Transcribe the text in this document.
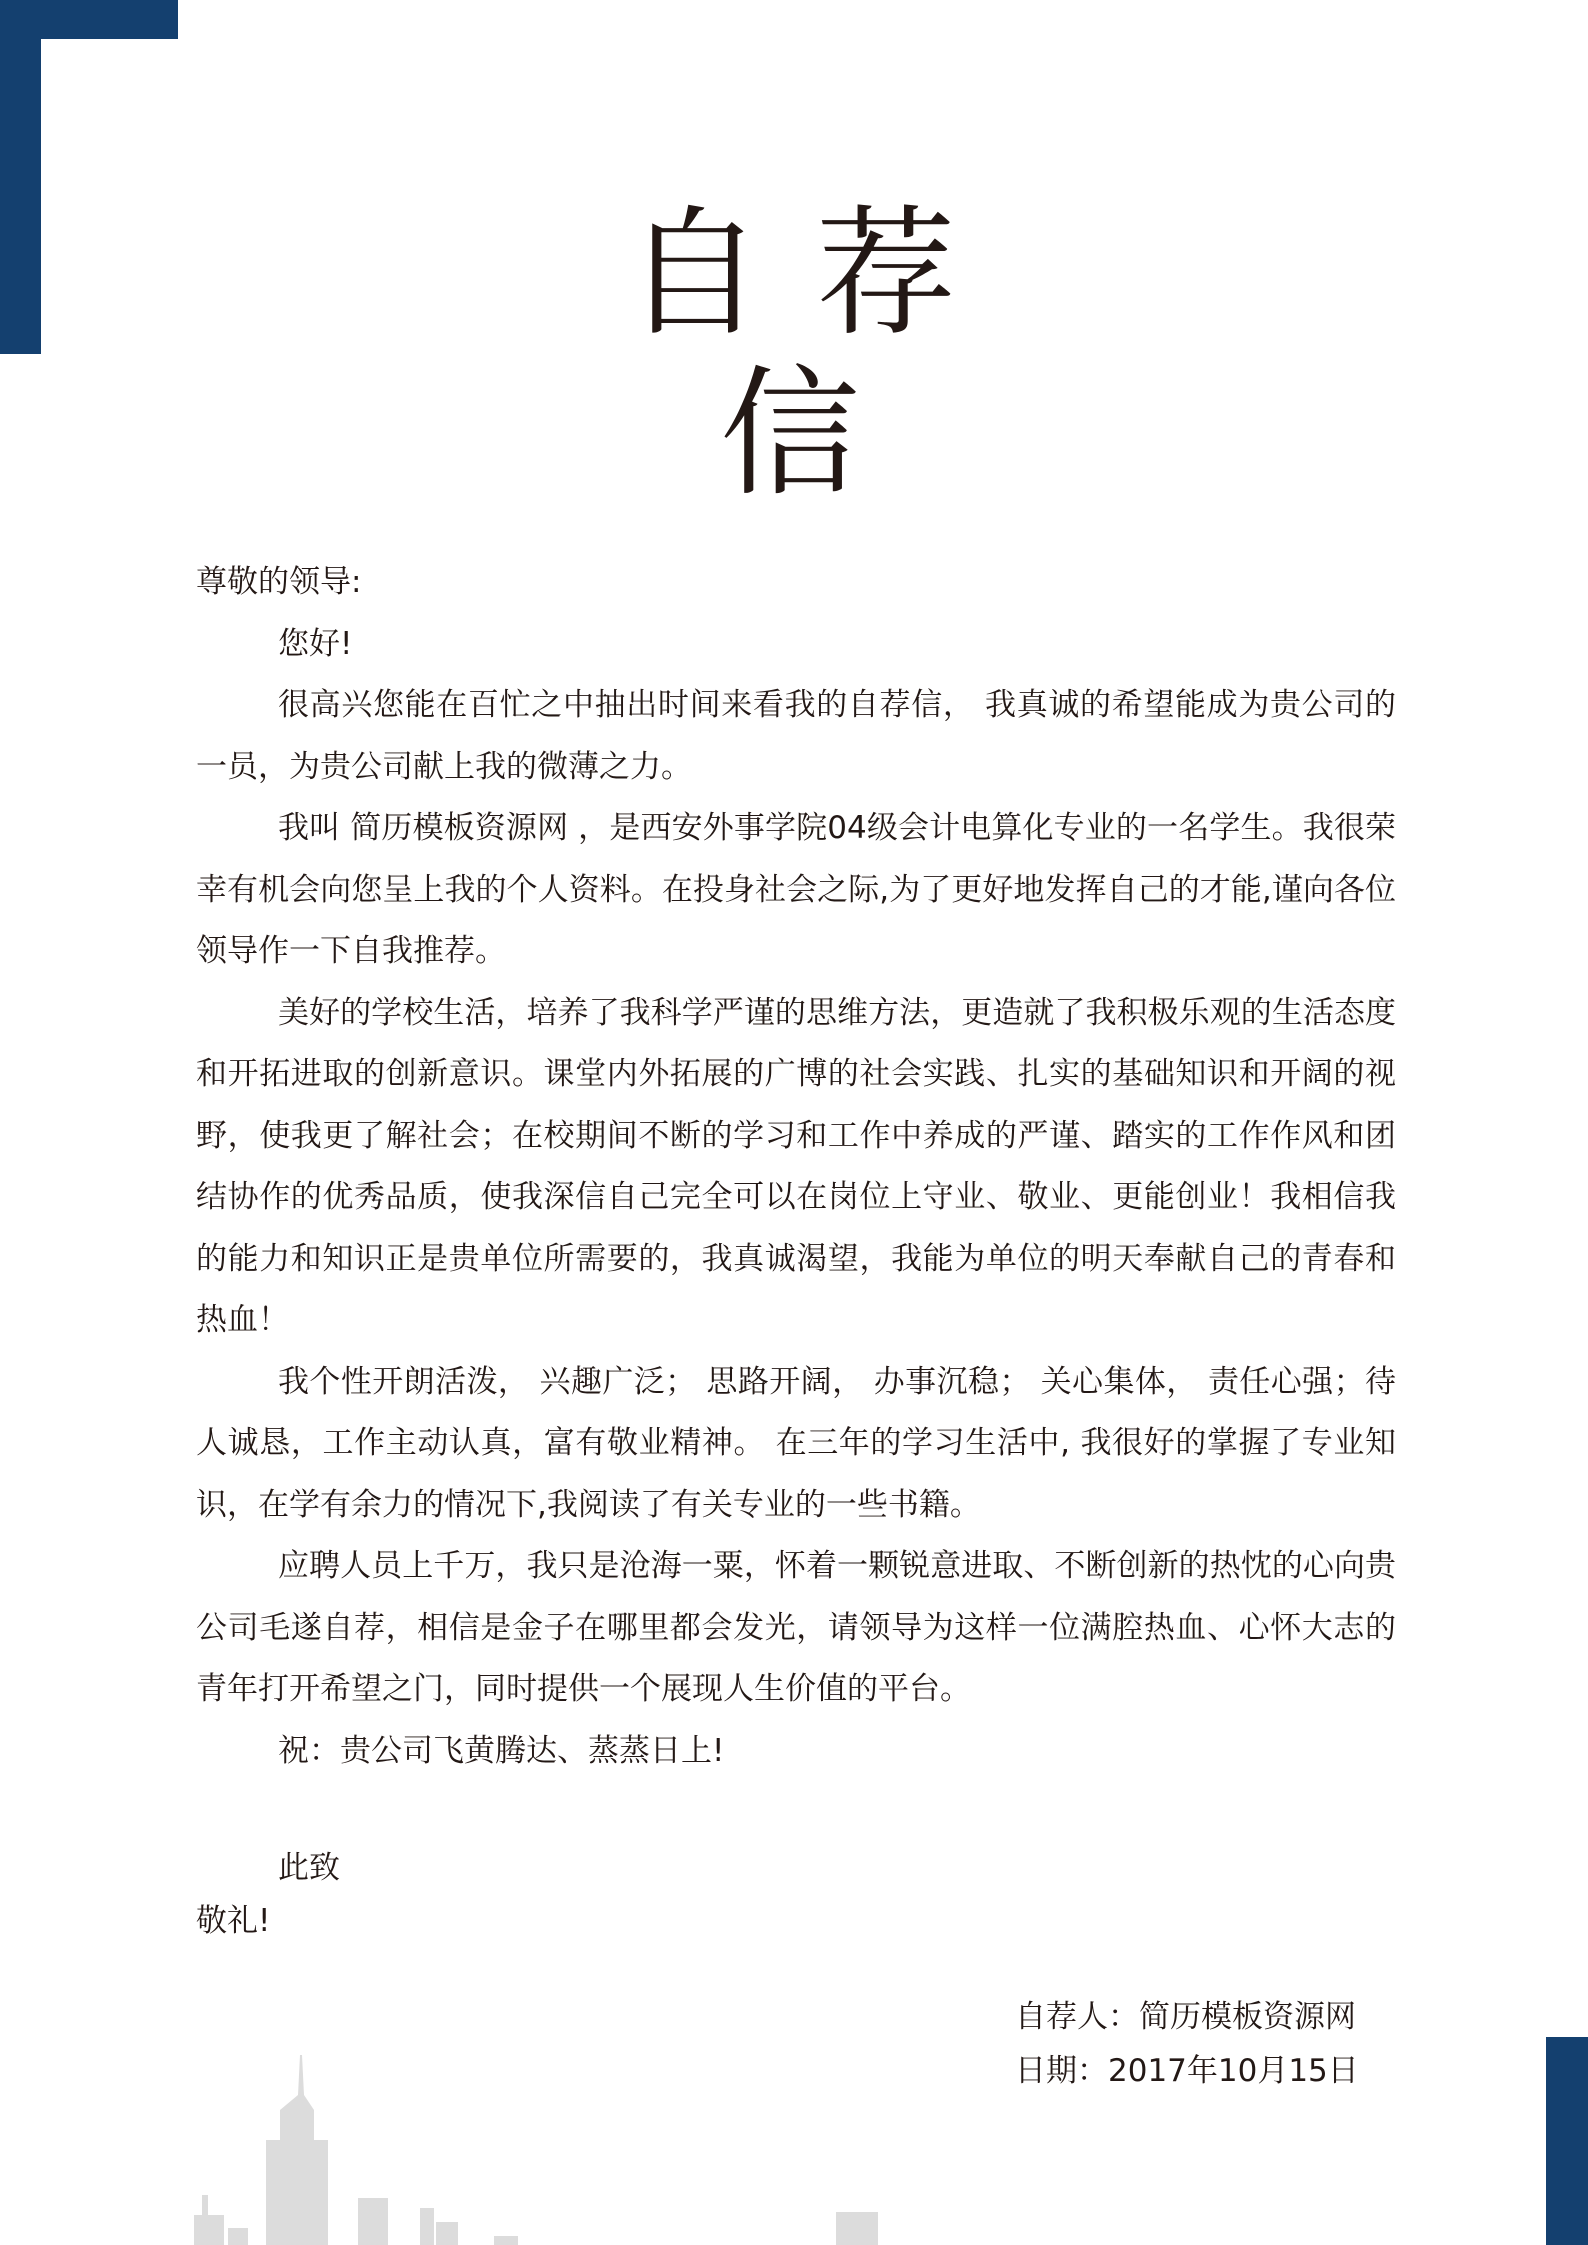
自荐
信

尊敬的领导:

您好!

很高兴您能在百忙之中抽出时间来看我的自荐信， 我真诚的希望能成为贵公司的一员，为贵公司献上我的微薄之力。

我叫 简历模板资源网 ，是西安外事学院04级会计电算化专业的一名学生。我很荣幸有机会向您呈上我的个人资料。在投身社会之际,为了更好地发挥自己的才能,谨向各位领导作一下自我推荐。

美好的学校生活，培养了我科学严谨的思维方法，更造就了我积极乐观的生活态度和开拓进取的创新意识。课堂内外拓展的广博的社会实践、扎实的基础知识和开阔的视野，使我更了解社会；在校期间不断的学习和工作中养成的严谨、踏实的工作作风和团结协作的优秀品质，使我深信自己完全可以在岗位上守业、敬业、更能创业！我相信我的能力和知识正是贵单位所需要的，我真诚渴望，我能为单位的明天奉献自己的青春和热血！

我个性开朗活泼， 兴趣广泛； 思路开阔， 办事沉稳； 关心集体， 责任心强；待人诚恳，工作主动认真，富有敬业精神。 在三年的学习生活中, 我很好的掌握了专业知识，在学有余力的情况下,我阅读了有关专业的一些书籍。

应聘人员上千万，我只是沧海一粟，怀着一颗锐意进取、不断创新的热忱的心向贵公司毛遂自荐，相信是金子在哪里都会发光，请领导为这样一位满腔热血、心怀大志的青年打开希望之门，同时提供一个展现人生价值的平台。

祝：贵公司飞黄腾达、蒸蒸日上!

此致

敬礼!

自荐人：简历模板资源网

日期：2017年10月15日
